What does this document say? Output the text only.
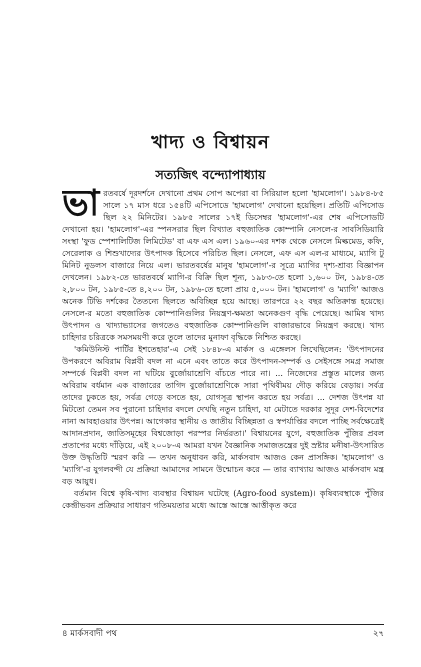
খাদ্য ও বিশ্বায়ন
সত্যজিৎ বন্দ্যোপাধ্যায়

ভারতবর্ষে দূরদর্শনে দেখানো প্রথম সোপ অপেরা বা সিরিয়াল হলো 'হামলোগ'। ১৯৮৪-৮৫ সালে ১৭ মাস ধরে ১৫৪টি এপিসোডে 'হামলোগ' দেখানো হয়েছিল। প্রতিটি এপিসোড ছিল ২২ মিনিটের। ১৯৮৫ সালের ১৭ই ডিসেম্বর 'হামলোগ'-এর শেষ এপিসোডটি দেখানো হয়। 'হামলোগ'-এর স্পনসরার ছিল বিখ্যাত বহুজাতিক কোম্পানি নেসলে-র সাবসিডিয়ারি সংস্থা 'ফুড স্পেশালিটিজ লিমিটেড' বা এফ এস এল। ১৯৬০-এর দশক থেকে নেসলে মিল্কমেড, কফি, সেরেলাক ও শিশুখাদ্যের উৎপাদক হিসেবে পরিচিত ছিল। নেসলে, এফ এস এল-র মাধ্যমে, ম্যাগি টু মিনিট নুডলস বাজারে নিয়ে এল। ভারতবর্ষের মানুষ 'হামলোগ'-র সূত্রে ম্যাগির দৃশ্য-শ্রাব্য বিজ্ঞাপন দেখলেন। ১৯৮২-তে ভারতবর্ষে ম্যাগি-র বিক্রি ছিল শূন্য, ১৯৮৩-তে হলো ১,৬০০ টন, ১৯৮৪-তে ২,৮০০ টন, ১৯৮৫-তে ৪,২০০ টন, ১৯৮৬-তে হলো প্রায় ৫,০০০ টন। 'হামলোগ' ও 'ম্যাগি' আজও অনেক টিভি দর্শকের তৈতন্যে ছিলতে অবিচ্ছিন্ন হয়ে আছে। তারপরে ২২ বছর অতিক্রান্ত হয়েছে। নেসলে-র মতো বহুজাতিক কোম্পানিগুলির নিয়ন্ত্রণ-ক্ষমতা অনেকগুণ বৃদ্ধি পেয়েছে। আমিষ খাদ্য উৎপাদন ও খাদ্যাভ্যাসের জগতেও বহুজাতিক কোম্পানিগুলি বাজারভাবে নিয়ন্ত্রণ করছে। খাদ্য চাহিদার চরিত্রকে সমসময়ণী করে তুলে তাদের মুনাফা বৃদ্ধিকে নিশ্চিত করছে।

'কমিউনিস্ট পার্টির ইশতেহার'-এ সেই ১৮৪৮-এ মার্কস ও এঙ্গেলস লিখেছিলেন: 'উৎপাদনের উপকরণে অবিরাম বিপ্লবী বদল না এনে এবং তাতে করে উৎপাদন-সম্পর্ক ও সেইসঙ্গে সমগ্র সমাজ সম্পর্কে বিপ্লবী বদল না ঘটিয়ে বুর্জোয়াশ্রেণি বাঁচতে পারে না। ... নিজেদের প্রস্তুত মালের জন্য অবিরাম বর্ধমান এক বাজারের তাগিদ বুর্জোয়াশ্রেণিকে সারা পৃথিবীময় দৌড় করিয়ে বেড়ায়। সর্বত্র তাদের ঢুকতে হয়, সর্বত্র গেড়ে বসতে হয়, যোগসূত্র স্থাপন করতে হয় সর্বত্র। ... দেশজ উৎপন্ন যা মিটতো তেমন সব পুরানো চাহিদার বদলে দেখছি নতুন চাহিদা, যা মেটাতে দরকার সুদূর দেশ-বিদেশের নানা আবহাওয়ার উৎপন্ন। আগেকার স্থানীয় ও জাতীয় বিচ্ছিন্নতা ও স্বপর্যাপ্তির বদলে পাচ্ছি সর্বক্ষেত্রেই আদানপ্রদান, জাতিসমূহের বিশ্বজোড়া পরস্পর নির্ভরতা।' বিশ্বায়নের যুগে, বহুজাতিক পুঁজির প্রবল প্রতাপের মধ্যে দাঁড়িয়ে, এই ২০০৮-এ আমরা যখন বৈজ্ঞানিক সমাজতন্ত্রের দুই স্রষ্টার মনীষা-উৎসারিত উক্ত উদ্ধৃতিটি স্মরণ করি — তখন অনুধাবন করি, মার্কসবাদ আজও কেন প্রাসঙ্গিক। 'হামলোগ' ও 'ম্যাগি'-র যুগলবন্দী যে প্রক্রিয়া আমাদের সামনে উন্মোচন করে — তার ব্যাখ্যায় আজও মার্কসবাদ মন্ত্র বড় আয়ুধ।

বর্তমান বিশ্বে কৃষি-খাদ্য ব্যবস্থার বিশ্বায়ন ঘটেছে (Agro-food system)। কৃষিব্যবস্থাকে পুঁজির কেন্দ্রীভবন প্রক্রিয়ার সাধারণ গতিময়তার মধ্যে আস্তে আস্তে আত্তীকৃত করে

৪ মার্কসবাদী পথ	২৭
